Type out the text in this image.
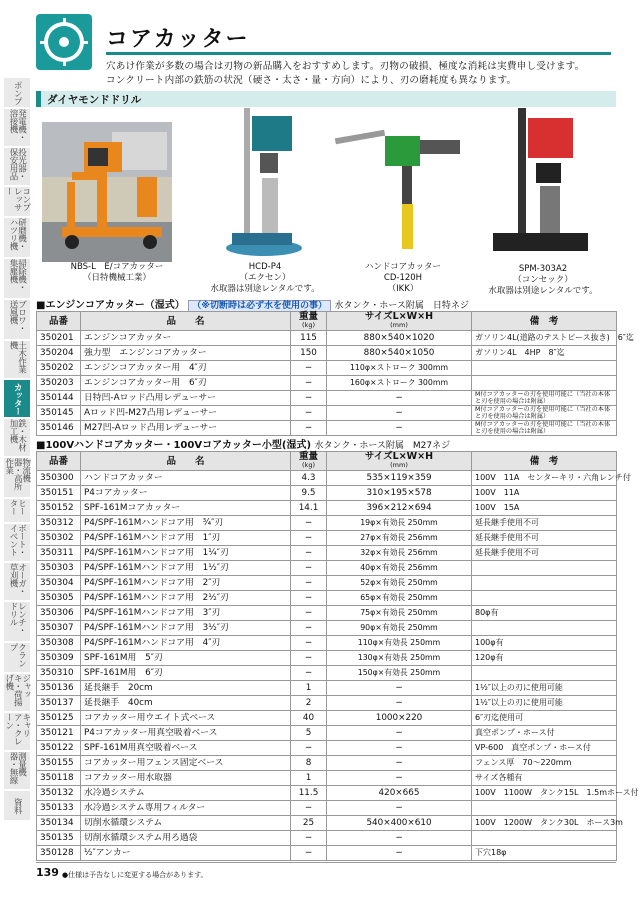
ポンプ
発電機・溶接機
投光器・保安用品
コンプレッサー
研磨機・ハツリ機
掃除機・集塵機
ブロワ・送風機
土木作業機
カッター
鉄・木材加工機
物流機器・高所作業
ヒーター
ボート・イベント
オーガ・草刈機
レンチ・ドリル
クランプ
ジャッキ・荷揚げ機
キャリア・クレーン
測量機器・無線
資料
コアカッター
穴あけ作業が多数の場合は刃物の新品購入をおすすめします。刃物の破損、極度な消耗は実費申し受けます。
コンクリート内部の鉄筋の状況（硬さ・太さ・量・方向）により、刃の磨耗度も異なります。
ダイヤモンドドリル
NBS-L　E/コアカッター
（日特機械工業）
HCD-P4
（エクセン）
水取器は別途レンタルです。
ハンドコアカッター
CD-120H
（IKK）
SPM-303A2
（コンセック）
水取器は別途レンタルです。
■エンジンコアカッター（湿式） （※切断時は必ず水を使用の事） 水タンク・ホース附属　日特ネジ
品番	品　　名	重量
(kg)	サイズL×W×H
(mm)	備　考
350201	エンジンコアカッター	115	880×540×1020	ガソリン4L(道路のテストピース抜き)　6″迄
350204	強力型　エンジンコアカッター	150	880×540×1050	ガソリン4L　4HP　8″迄
350202	エンジンコアカッター用　4″刃	−	110φ×ストローク 300mm	
350203	エンジンコアカッター用　6″刃	−	160φ×ストローク 300mm	
350144	日特凹-Aロッド凸用レデューサー	−	−	M付コアカッターの刃を使用可能に（当社の本体と刃を使用の場合は附属）
350145	Aロッド凹-M27凸用レデューサー	−	−	M付コアカッターの刃を使用可能に（当社の本体と刃を使用の場合は附属）
350146	M27凹-Aロッド凸用レデューサー	−	−	M付コアカッターの刃を使用可能に（当社の本体と刃を使用の場合は附属）
■100Vハンドコアカッター・100Vコアカッター小型(湿式) 水タンク・ホース附属　M27ネジ
品番	品　　名	重量
(kg)	サイズL×W×H
(mm)	備　考
350300	ハンドコアカッター	4.3	535×119×359	100V　11A　センターキリ・六角レンチ付
350151	P4コアカッター	9.5	310×195×578	100V　11A
350152	SPF-161Mコアカッター	14.1	396×212×694	100V　15A
350312	P4/SPF-161Mハンドコア用　¾″刃	−	19φ×有効長 250mm	延長継手使用不可
350302	P4/SPF-161Mハンドコア用　1″刃	−	27φ×有効長 256mm	延長継手使用不可
350311	P4/SPF-161Mハンドコア用　1¼″刃	−	32φ×有効長 256mm	延長継手使用不可
350303	P4/SPF-161Mハンドコア用　1½″刃	−	40φ×有効長 256mm	
350304	P4/SPF-161Mハンドコア用　2″刃	−	52φ×有効長 250mm	
350305	P4/SPF-161Mハンドコア用　2½″刃	−	65φ×有効長 250mm	
350306	P4/SPF-161Mハンドコア用　3″刃	−	75φ×有効長 250mm	80φ有
350307	P4/SPF-161Mハンドコア用　3½″刃	−	90φ×有効長 250mm	
350308	P4/SPF-161Mハンドコア用　4″刃	−	110φ×有効長 250mm	100φ有
350309	SPF-161M用　5″刃	−	130φ×有効長 250mm	120φ有
350310	SPF-161M用　6″刃	−	150φ×有効長 250mm	
350136	延長継手　20cm	1	−	1½″以上の刃に使用可能
350137	延長継手　40cm	2	−	1½″以上の刃に使用可能
350125	コアカッター用ウエイト式ベース	40	1000×220	6″刃迄使用可
350121	P4コアカッター用真空吸着ベース	5	−	真空ポンプ・ホース付
350122	SPF-161M用真空吸着ベース	−	−	VP-600　真空ポンプ・ホース付
350155	コアカッター用フェンス固定ベース	8	−	フェンス厚　70〜220mm
350118	コアカッター用水取器	1	−	サイズ各種有
350132	水冷過システム	11.5	420×665	100V　1100W　タンク15L　1.5mホース付
350133	水冷過システム専用フィルター	−	−	
350134	切削水循環システム	25	540×400×610	100V　1200W　タンク30L　ホース3m
350135	切削水循環システム用ろ過袋	−	−	
350128	½″アンカー	−	−	下穴18φ
139 ●仕様は予告なしに変更する場合があります。
